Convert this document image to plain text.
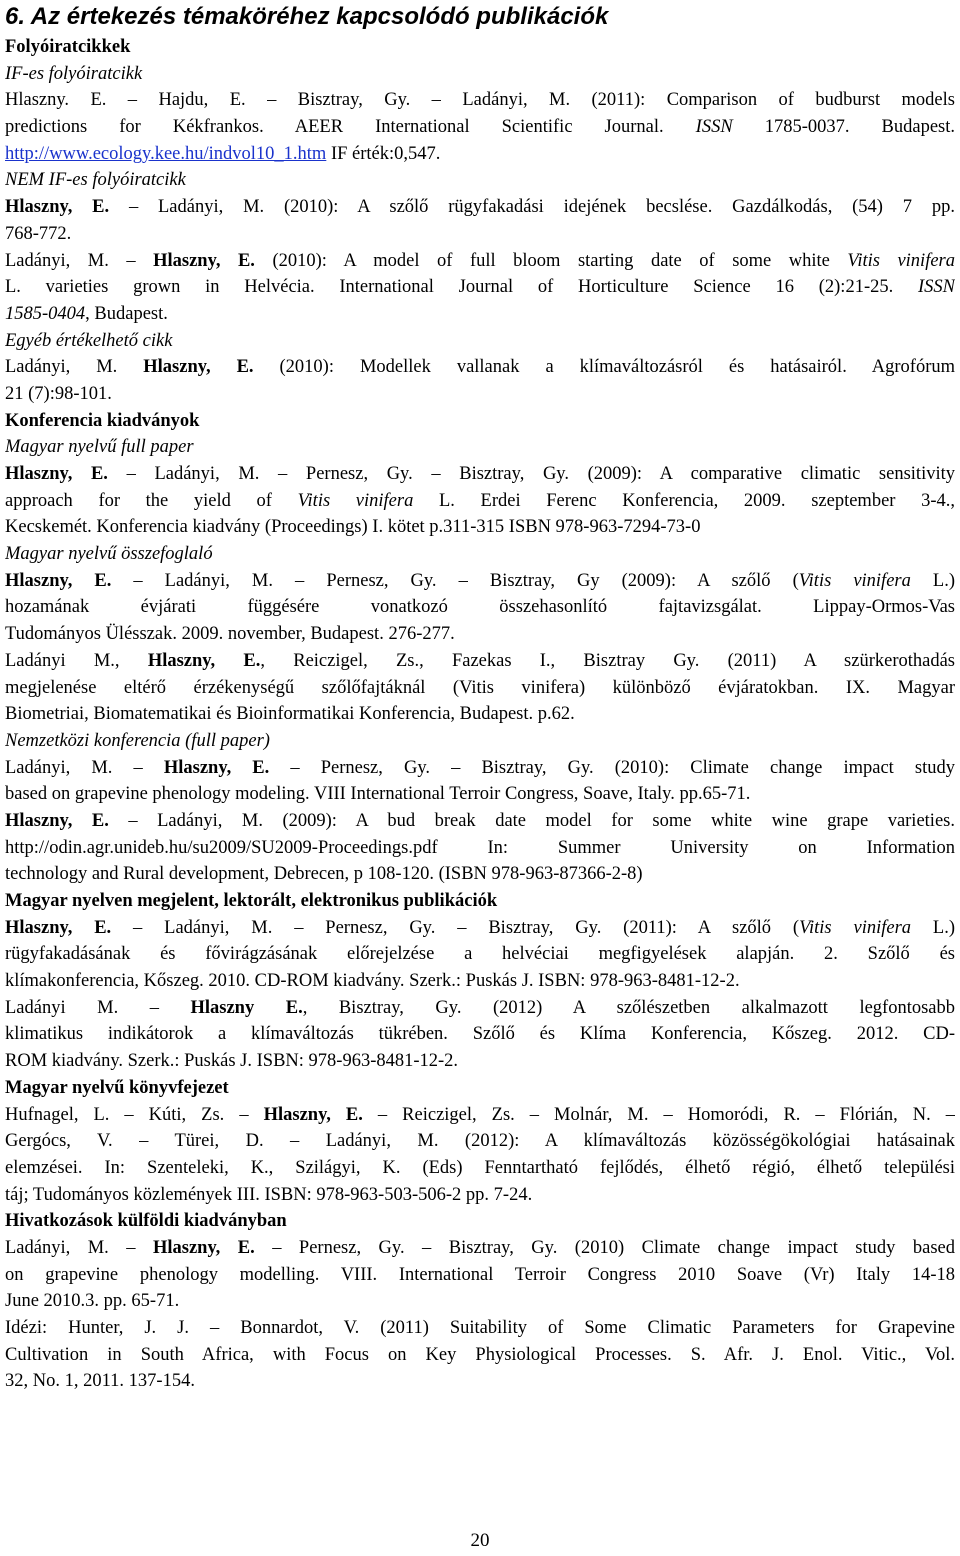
6. Az értekezés témaköréhez kapcsolódó publikációk
Folyóiratcikkek
IF-es folyóiratcikk
Hlaszny. E. ‒ Hajdu, E. ‒ Bisztray, Gy. ‒ Ladányi, M. (2011): Comparison of budburst models
predictions for Kékfrankos. AEER International Scientific Journal. ISSN 1785-0037. Budapest.
http://www.ecology.kee.hu/indvol10_1.htm IF érték:0,547.
NEM IF-es folyóiratcikk
Hlaszny, E. ‒ Ladányi, M. (2010): A szőlő rügyfakadási idejének becslése. Gazdálkodás, (54) 7 pp.
768-772.
Ladányi, M. ‒ Hlaszny, E. (2010): A model of full bloom starting date of some white Vitis vinifera
L. varieties grown in Helvécia. International Journal of Horticulture Science 16 (2):21-25. ISSN
1585-0404, Budapest.
Egyéb értékelhető cikk
Ladányi, M. Hlaszny, E. (2010): Modellek vallanak a klímaváltozásról és hatásairól. Agrofórum
21 (7):98-101.
Konferencia kiadványok
Magyar nyelvű full paper
Hlaszny, E. ‒ Ladányi, M. ‒ Pernesz, Gy. ‒ Bisztray, Gy. (2009): A comparative climatic sensitivity
approach for the yield of Vitis vinifera L. Erdei Ferenc Konferencia, 2009. szeptember 3-4.,
Kecskemét. Konferencia kiadvány (Proceedings) I. kötet p.311-315 ISBN 978-963-7294-73-0
Magyar nyelvű összefoglaló
Hlaszny, E. ‒ Ladányi, M. ‒ Pernesz, Gy. ‒ Bisztray, Gy (2009): A szőlő (Vitis vinifera L.)
hozamának évjárati függésére vonatkozó összehasonlító fajtavizsgálat. Lippay-Ormos-Vas
Tudományos Ülésszak. 2009. november, Budapest. 276-277.
Ladányi M., Hlaszny, E., Reiczigel, Zs., Fazekas I., Bisztray Gy. (2011) A szürkerothadás
megjelenése eltérő érzékenységű szőlőfajtáknál (Vitis vinifera) különböző évjáratokban. IX. Magyar
Biometriai, Biomatematikai és Bioinformatikai Konferencia, Budapest. p.62.
Nemzetközi konferencia (full paper)
Ladányi, M. ‒ Hlaszny, E. ‒ Pernesz, Gy. ‒ Bisztray, Gy. (2010): Climate change impact study
based on grapevine phenology modeling. VIII International Terroir Congress, Soave, Italy. pp.65-71.
Hlaszny, E. ‒ Ladányi, M. (2009): A bud break date model for some white wine grape varieties.
http://odin.agr.unideb.hu/su2009/SU2009-Proceedings.pdf In: Summer University on Information
technology and Rural development, Debrecen, p 108-120. (ISBN 978-963-87366-2-8)
Magyar nyelven megjelent, lektorált, elektronikus publikációk
Hlaszny, E. ‒ Ladányi, M. ‒ Pernesz, Gy. ‒ Bisztray, Gy. (2011): A szőlő (Vitis vinifera L.)
rügyfakadásának és fővirágzásának előrejelzése a helvéciai megfigyelések alapján. 2. Szőlő és
klímakonferencia, Kőszeg. 2010. CD-ROM kiadvány. Szerk.: Puskás J. ISBN: 978-963-8481-12-2.
Ladányi M. ‒ Hlaszny E., Bisztray, Gy. (2012) A szőlészetben alkalmazott legfontosabb
klimatikus indikátorok a klímaváltozás tükrében. Szőlő és Klíma Konferencia, Kőszeg. 2012. CD-
ROM kiadvány. Szerk.: Puskás J. ISBN: 978-963-8481-12-2.
Magyar nyelvű könyvfejezet
Hufnagel, L. ‒ Kúti, Zs. ‒ Hlaszny, E. ‒ Reiczigel, Zs. ‒ Molnár, M. ‒ Homoródi, R. ‒ Flórián, N. ‒
Gergócs, V. ‒ Türei, D. ‒ Ladányi, M. (2012): A klímaváltozás közösségökológiai hatásainak
elemzései. In: Szenteleki, K., Szilágyi, K. (Eds) Fenntartható fejlődés, élhető régió, élhető települési
táj; Tudományos közlemények III. ISBN: 978-963-503-506-2 pp. 7-24.
Hivatkozások külföldi kiadványban
Ladányi, M. ‒ Hlaszny, E. ‒ Pernesz, Gy. ‒ Bisztray, Gy. (2010) Climate change impact study based
on grapevine phenology modelling. VIII. International Terroir Congress 2010 Soave (Vr) Italy 14-18
June 2010.3. pp. 65-71.
Idézi: Hunter, J. J. ‒ Bonnardot, V. (2011) Suitability of Some Climatic Parameters for Grapevine
Cultivation in South Africa, with Focus on Key Physiological Processes. S. Afr. J. Enol. Vitic., Vol.
32, No. 1, 2011. 137-154.
20
